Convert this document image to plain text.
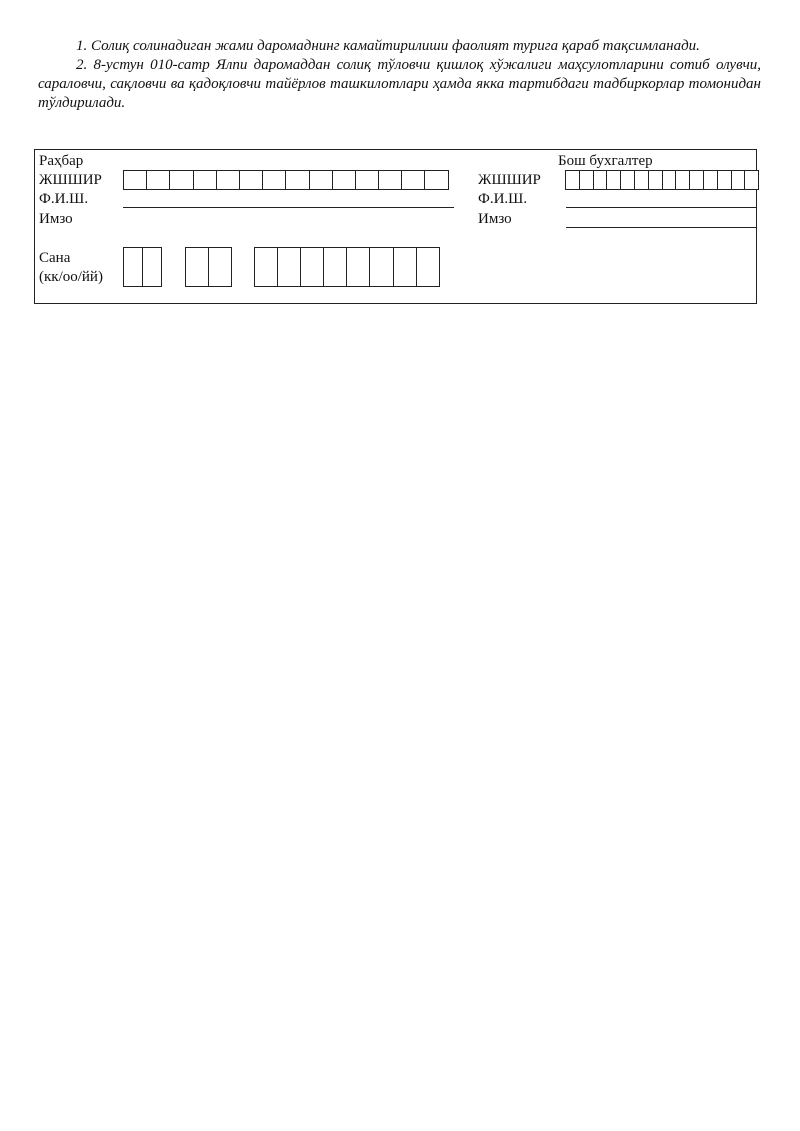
1. Солиқ солинадиган жами даромаднинг камайтирилиши фаолият турига қараб тақсимланади.

2. 8-устун 010-сатр Ялпи даромаддан солиқ тўловчи қишлоқ хўжалиги маҳсулотларини сотиб олувчи, сараловчи, сақловчи ва қадоқловчи тайёрлов ташкилотлари ҳамда якка тартибдаги тадбиркорлар томонидан тўлдирилади.

Раҳбар
ЖШШИР
Ф.И.Ш.
Имзо
Бош бухгалтер
ЖШШИР
Ф.И.Ш.
Имзо
Сана
(кк/оо/йй)
